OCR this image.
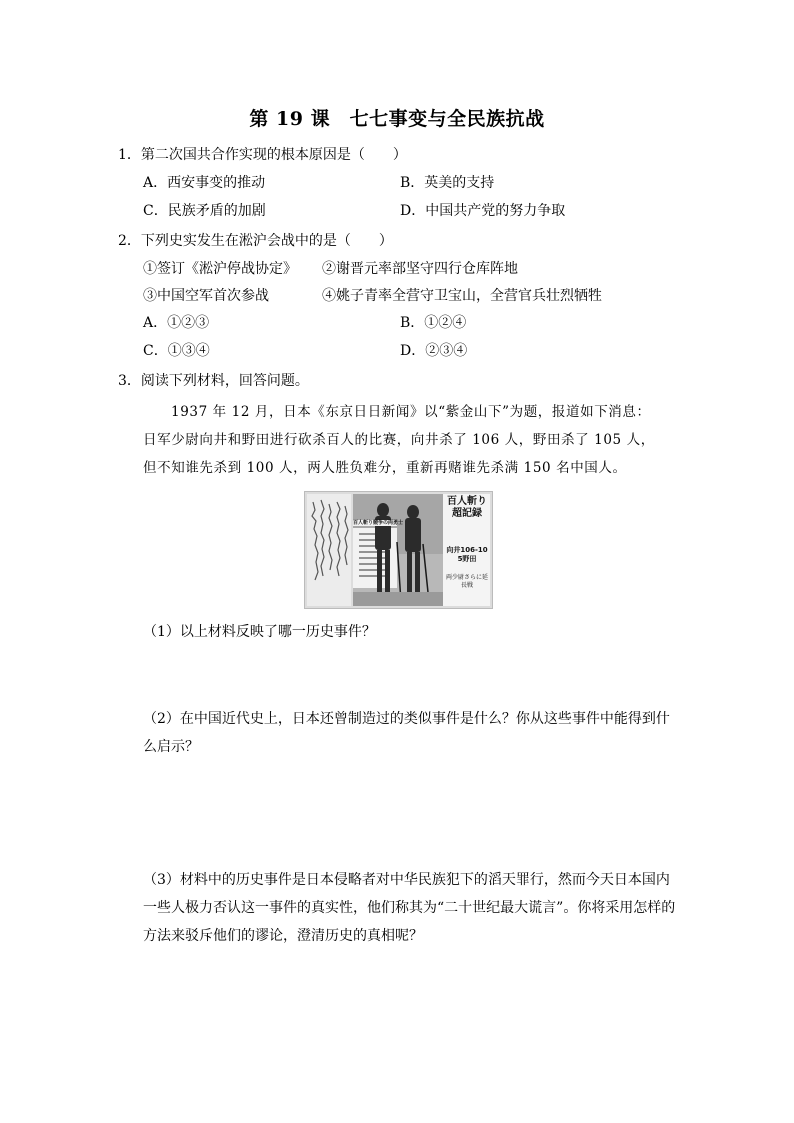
第 19 课　七七事变与全民族抗战
1．第二次国共合作实现的根本原因是（　　）
A．西安事变的推动	B．英美的支持
C．民族矛盾的加剧	D．中国共产党的努力争取
2．下列史实发生在淞沪会战中的是（　　）
①签订《淞沪停战协定》 ②谢晋元率部坚守四行仓库阵地
③中国空军首次参战	④姚子青率全营守卫宝山，全营官兵壮烈牺牲
A．①②③	B．①②④
C．①③④	D．②③④
3．阅读下列材料，回答问题。
1937 年 12 月，日本《东京日日新闻》以“紫金山下”为题，报道如下消息：日军少尉向井和野田进行砍杀百人的比赛，向井杀了 106 人，野田杀了 105 人，但不知谁先杀到 100 人，两人胜负难分，重新再赌谁先杀满 150 名中国人。
百人斬り競争の両勇士
百人斬り超記録
向井106-105野田
両少尉さらに延長戦
（1）以上材料反映了哪一历史事件？
（2）在中国近代史上，日本还曾制造过的类似事件是什么？你从这些事件中能得到什么启示？
（3）材料中的历史事件是日本侵略者对中华民族犯下的滔天罪行，然而今天日本国内一些人极力否认这一事件的真实性，他们称其为“二十世纪最大谎言”。你将采用怎样的方法来驳斥他们的谬论，澄清历史的真相呢？
